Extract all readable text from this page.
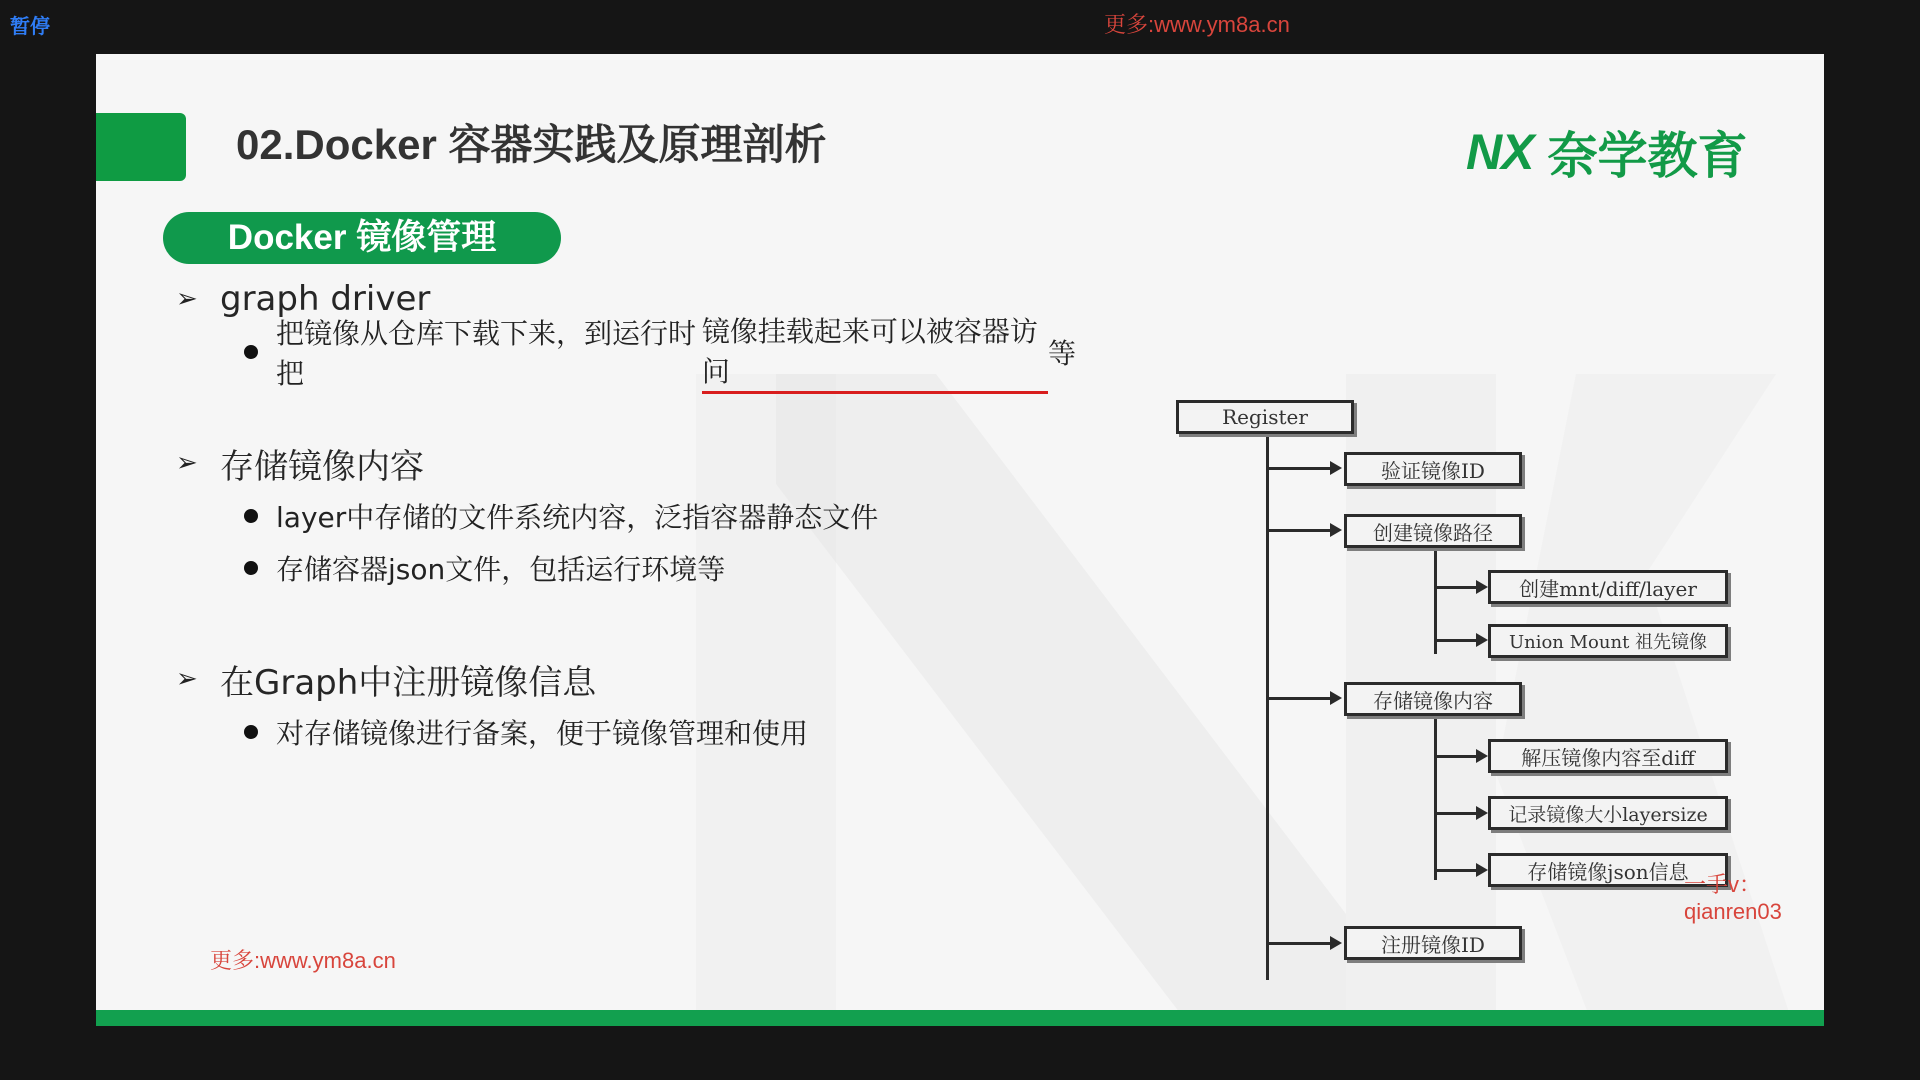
暂停	更多:www.ym8a.cn
02.Docker 容器实践及原理剖析	NX 奈学教育
Docker 镜像管理
➢ graph driver
把镜像从仓库下载下来，到运行时把
镜像挂载起来可以被容器访问
等
➢ 存储镜像内容
layer中存储的文件系统内容，泛指容器静态文件
存储容器json文件，包括运行环境等
➢ 在Graph中注册镜像信息
对存储镜像进行备案，便于镜像管理和使用
Register
验证镜像ID
创建镜像路径
创建mnt/diff/layer
Union Mount 祖先镜像
存储镜像内容
解压镜像内容至diff
记录镜像大小layersize
存储镜像json信息
注册镜像ID
更多:www.ym8a.cn
一手v：qianren03
